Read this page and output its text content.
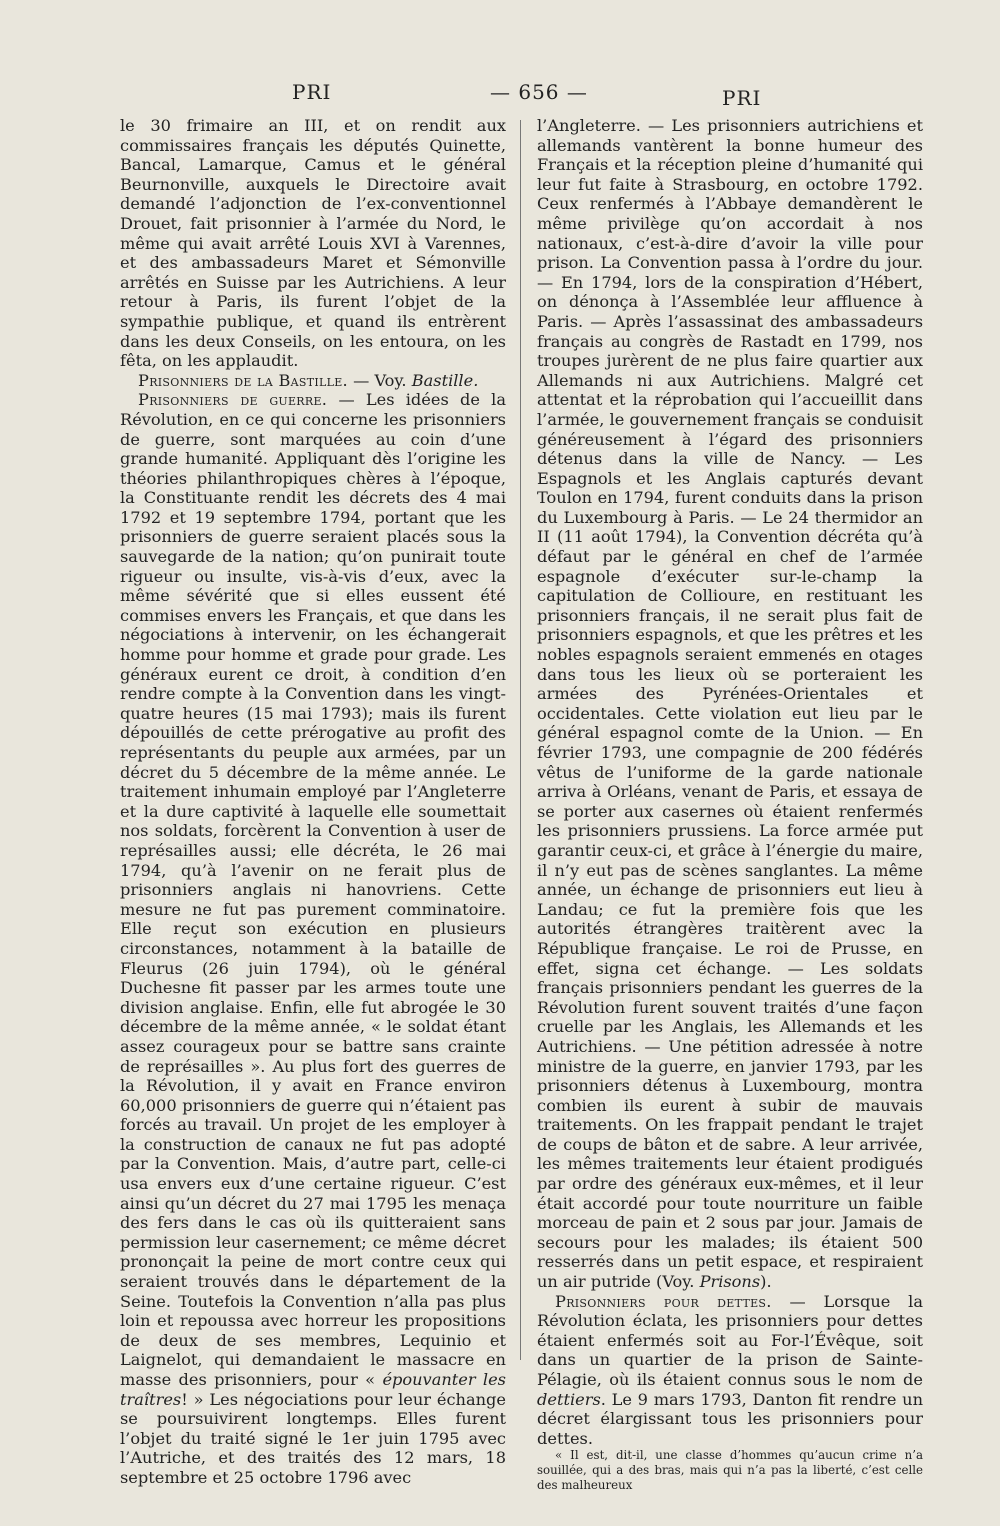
PRI	— 656 —	PRI

le 30 frimaire an III, et on rendit aux commissaires français les députés Quinette, Bancal, Lamarque, Camus et le général Beurnonville, auxquels le Directoire avait demandé l’adjonction de l’ex-conventionnel Drouet, fait prisonnier à l’armée du Nord, le même qui avait arrêté Louis XVI à Varennes, et des ambassadeurs Maret et Sémonville arrêtés en Suisse par les Autrichiens. A leur retour à Paris, ils furent l’objet de la sympathie publique, et quand ils entrèrent dans les deux Conseils, on les entoura, on les fêta, on les applaudit.

Prisonniers de la Bastille. — Voy. Bastille.

Prisonniers de guerre. — Les idées de la Révolution, en ce qui concerne les prisonniers de guerre, sont marquées au coin d’une grande humanité. Appliquant dès l’origine les théories philanthropiques chères à l’époque, la Constituante rendit les décrets des 4 mai 1792 et 19 septembre 1794, portant que les prisonniers de guerre seraient placés sous la sauvegarde de la nation; qu’on punirait toute rigueur ou insulte, vis-à-vis d’eux, avec la même sévérité que si elles eussent été commises envers les Français, et que dans les négociations à intervenir, on les échangerait homme pour homme et grade pour grade. Les généraux eurent ce droit, à condition d’en rendre compte à la Convention dans les vingt-quatre heures (15 mai 1793); mais ils furent dépouillés de cette prérogative au profit des représentants du peuple aux armées, par un décret du 5 décembre de la même année. Le traitement inhumain employé par l’Angleterre et la dure captivité à laquelle elle soumettait nos soldats, forcèrent la Convention à user de représailles aussi; elle décréta, le 26 mai 1794, qu’à l’avenir on ne ferait plus de prisonniers anglais ni hanovriens. Cette mesure ne fut pas purement comminatoire. Elle reçut son exécution en plusieurs circonstances, notamment à la bataille de Fleurus (26 juin 1794), où le général Duchesne fit passer par les armes toute une division anglaise. Enfin, elle fut abrogée le 30 décembre de la même année, « le soldat étant assez courageux pour se battre sans crainte de représailles ». Au plus fort des guerres de la Révolution, il y avait en France environ 60,000 prisonniers de guerre qui n’étaient pas forcés au travail. Un projet de les employer à la construction de canaux ne fut pas adopté par la Convention. Mais, d’autre part, celle-ci usa envers eux d’une certaine rigueur. C’est ainsi qu’un décret du 27 mai 1795 les menaça des fers dans le cas où ils quitteraient sans permission leur casernement; ce même décret prononçait la peine de mort contre ceux qui seraient trouvés dans le département de la Seine. Toutefois la Convention n’alla pas plus loin et repoussa avec horreur les propositions de deux de ses membres, Lequinio et Laignelot, qui demandaient le massacre en masse des prisonniers, pour « épouvanter les traîtres! » Les négociations pour leur échange se poursuivirent longtemps. Elles furent l’objet du traité signé le 1er juin 1795 avec l’Autriche, et des traités des 12 mars, 18 septembre et 25 octobre 1796 avec

l’Angleterre. — Les prisonniers autrichiens et allemands vantèrent la bonne humeur des Français et la réception pleine d’humanité qui leur fut faite à Strasbourg, en octobre 1792. Ceux renfermés à l’Abbaye demandèrent le même privilège qu’on accordait à nos nationaux, c’est-à-dire d’avoir la ville pour prison. La Convention passa à l’ordre du jour. — En 1794, lors de la conspiration d’Hébert, on dénonça à l’Assemblée leur affluence à Paris. — Après l’assassinat des ambassadeurs français au congrès de Rastadt en 1799, nos troupes jurèrent de ne plus faire quartier aux Allemands ni aux Autrichiens. Malgré cet attentat et la réprobation qui l’accueillit dans l’armée, le gouvernement français se conduisit généreusement à l’égard des prisonniers détenus dans la ville de Nancy. — Les Espagnols et les Anglais capturés devant Toulon en 1794, furent conduits dans la prison du Luxembourg à Paris. — Le 24 thermidor an II (11 août 1794), la Convention décréta qu’à défaut par le général en chef de l’armée espagnole d’exécuter sur-le-champ la capitulation de Collioure, en restituant les prisonniers français, il ne serait plus fait de prisonniers espagnols, et que les prêtres et les nobles espagnols seraient emmenés en otages dans tous les lieux où se porteraient les armées des Pyrénées-Orientales et occidentales. Cette violation eut lieu par le général espagnol comte de la Union. — En février 1793, une compagnie de 200 fédérés vêtus de l’uniforme de la garde nationale arriva à Orléans, venant de Paris, et essaya de se porter aux casernes où étaient renfermés les prisonniers prussiens. La force armée put garantir ceux-ci, et grâce à l’énergie du maire, il n’y eut pas de scènes sanglantes. La même année, un échange de prisonniers eut lieu à Landau; ce fut la première fois que les autorités étrangères traitèrent avec la République française. Le roi de Prusse, en effet, signa cet échange. — Les soldats français prisonniers pendant les guerres de la Révolution furent souvent traités d’une façon cruelle par les Anglais, les Allemands et les Autrichiens. — Une pétition adressée à notre ministre de la guerre, en janvier 1793, par les prisonniers détenus à Luxembourg, montra combien ils eurent à subir de mauvais traitements. On les frappait pendant le trajet de coups de bâton et de sabre. A leur arrivée, les mêmes traitements leur étaient prodigués par ordre des généraux eux-mêmes, et il leur était accordé pour toute nourriture un faible morceau de pain et 2 sous par jour. Jamais de secours pour les malades; ils étaient 500 resserrés dans un petit espace, et respiraient un air putride (Voy. Prisons).

Prisonniers pour dettes. — Lorsque la Révolution éclata, les prisonniers pour dettes étaient enfermés soit au For-l’Évêque, soit dans un quartier de la prison de Sainte-Pélagie, où ils étaient connus sous le nom de dettiers. Le 9 mars 1793, Danton fit rendre un décret élargissant tous les prisonniers pour dettes.

« Il est, dit-il, une classe d’hommes qu’aucun crime n’a souillée, qui a des bras, mais qui n’a pas la liberté, c’est celle des malheureux
